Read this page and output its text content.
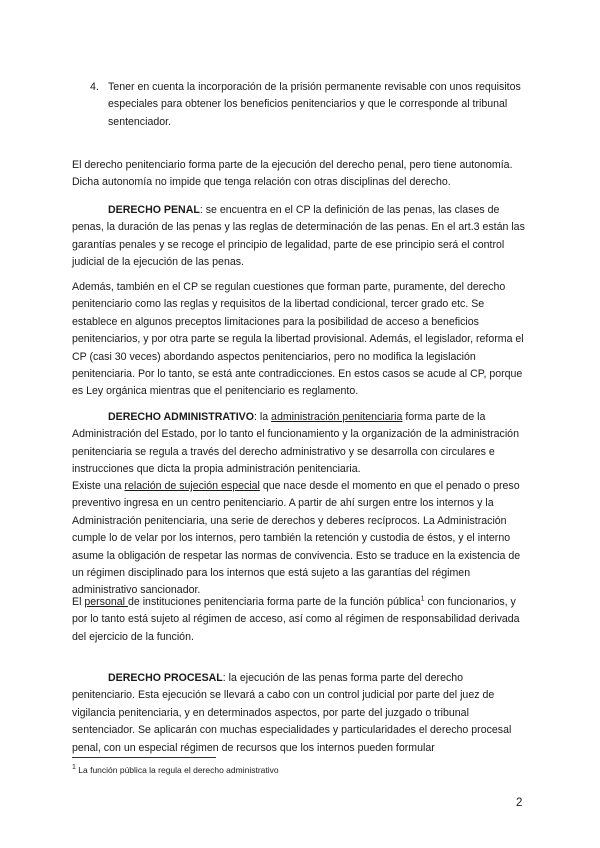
4. Tener en cuenta la incorporación de la prisión permanente revisable con unos requisitos especiales para obtener los beneficios penitenciarios y que le corresponde al tribunal sentenciador.

El derecho penitenciario forma parte de la ejecución del derecho penal, pero tiene autonomía. Dicha autonomía no impide que tenga relación con otras disciplinas del derecho.

DERECHO PENAL: se encuentra en el CP la definición de las penas, las clases de penas, la duración de las penas y las reglas de determinación de las penas. En el art.3 están las garantías penales y se recoge el principio de legalidad, parte de ese principio será el control judicial de la ejecución de las penas.

Además, también en el CP se regulan cuestiones que forman parte, puramente, del derecho penitenciario como las reglas y requisitos de la libertad condicional, tercer grado etc. Se establece en algunos preceptos limitaciones para la posibilidad de acceso a beneficios penitenciarios, y por otra parte se regula la libertad provisional. Además, el legislador, reforma el CP (casi 30 veces) abordando aspectos penitenciarios, pero no modifica la legislación penitenciaria. Por lo tanto, se está ante contradicciones. En estos casos se acude al CP, porque es Ley orgánica mientras que el penitenciario es reglamento.

DERECHO ADMINISTRATIVO: la administración penitenciaria forma parte de la Administración del Estado, por lo tanto el funcionamiento y la organización de la administración penitenciaria se regula a través del derecho administrativo y se desarrolla con circulares e instrucciones que dicta la propia administración penitenciaria.

Existe una relación de sujeción especial que nace desde el momento en que el penado o preso preventivo ingresa en un centro penitenciario. A partir de ahí surgen entre los internos y la Administración penitenciaria, una serie de derechos y deberes recíprocos. La Administración cumple lo de velar por los internos, pero también la retención y custodia de éstos, y el interno asume la obligación de respetar las normas de convivencia. Esto se traduce en la existencia de un régimen disciplinado para los internos que está sujeto a las garantías del régimen administrativo sancionador.

El personal de instituciones penitenciaria forma parte de la función pública$^1$ con funcionarios, y por lo tanto está sujeto al régimen de acceso, así como al régimen de responsabilidad derivada del ejercicio de la función.

DERECHO PROCESAL: la ejecución de las penas forma parte del derecho penitenciario. Esta ejecución se llevará a cabo con un control judicial por parte del juez de vigilancia penitenciaria, y en determinados aspectos, por parte del juzgado o tribunal sentenciador. Se aplicarán con muchas especialidades y particularidades el derecho procesal penal, con un especial régimen de recursos que los internos pueden formular

$^1$ La función pública la regula el derecho administrativo
2
